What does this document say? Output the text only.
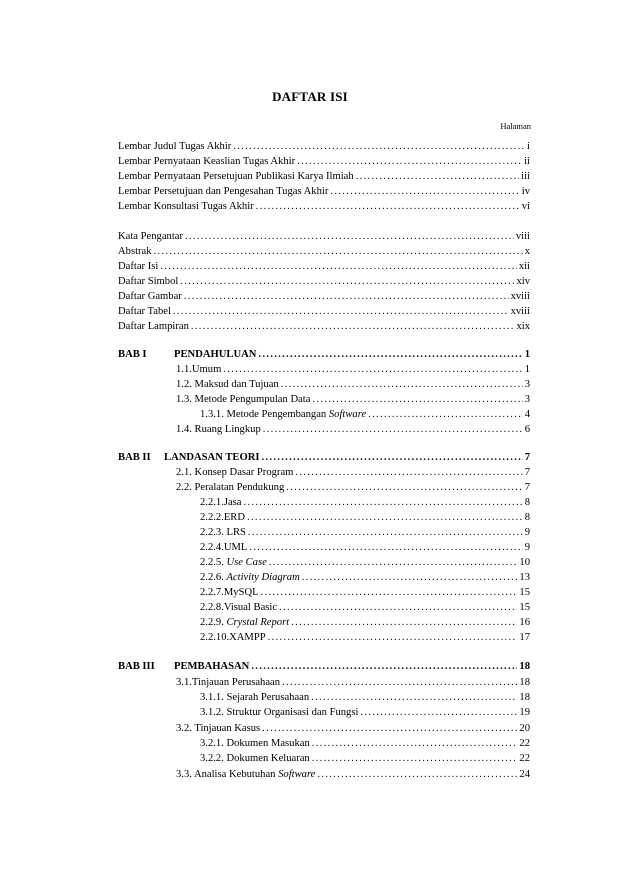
DAFTAR ISI
Halaman
Lembar Judul Tugas Akhir .....	i
Lembar Pernyataan Keaslian Tugas Akhir .....	ii
Lembar Pernyataan Persetujuan Publikasi Karya Ilmiah .....	iii
Lembar Persetujuan dan Pengesahan Tugas Akhir .....	iv
Lembar Konsultasi Tugas Akhir .....	vi
Kata Pengantar .....	viii
Abstrak .....	x
Daftar Isi .....	xii
Daftar Simbol .....	xiv
Daftar Gambar .....	xviii
Daftar Tabel .....	xviii
Daftar Lampiran .....	xix
BAB I	PENDAHULUAN .....	1
1.1.Umum .....	1
1.2. Maksud dan Tujuan .....	3
1.3. Metode Pengumpulan Data .....	3
1.3.1. Metode Pengembangan Software .....	4
1.4. Ruang Lingkup .....	6
BAB II LANDASAN TEORI .....	7
2.1. Konsep Dasar Program .....	7
2.2. Peralatan Pendukung .....	7
2.2.1.Jasa .....	8
2.2.2.ERD .....	8
2.2.3. LRS .....	9
2.2.4.UML .....	9
2.2.5. Use Case .....	10
2.2.6. Activity Diagram .....	13
2.2.7.MySQL .....	15
2.2.8.Visual Basic .....	15
2.2.9. Crystal Report .....	16
2.2.10.XAMPP .....	17
BAB III PEMBAHASAN .....	18
3.1.Tinjauan Perusahaan .....	18
3.1.1. Sejarah Perusahaan .....	18
3.1.2. Struktur Organisasi dan Fungsi .....	19
3.2. Tinjauan Kasus .....	20
3.2.1. Dokumen Masukan .....	22
3.2.2. Dokumen Keluaran .....	22
3.3. Analisa Kebutuhan Software .....	24
